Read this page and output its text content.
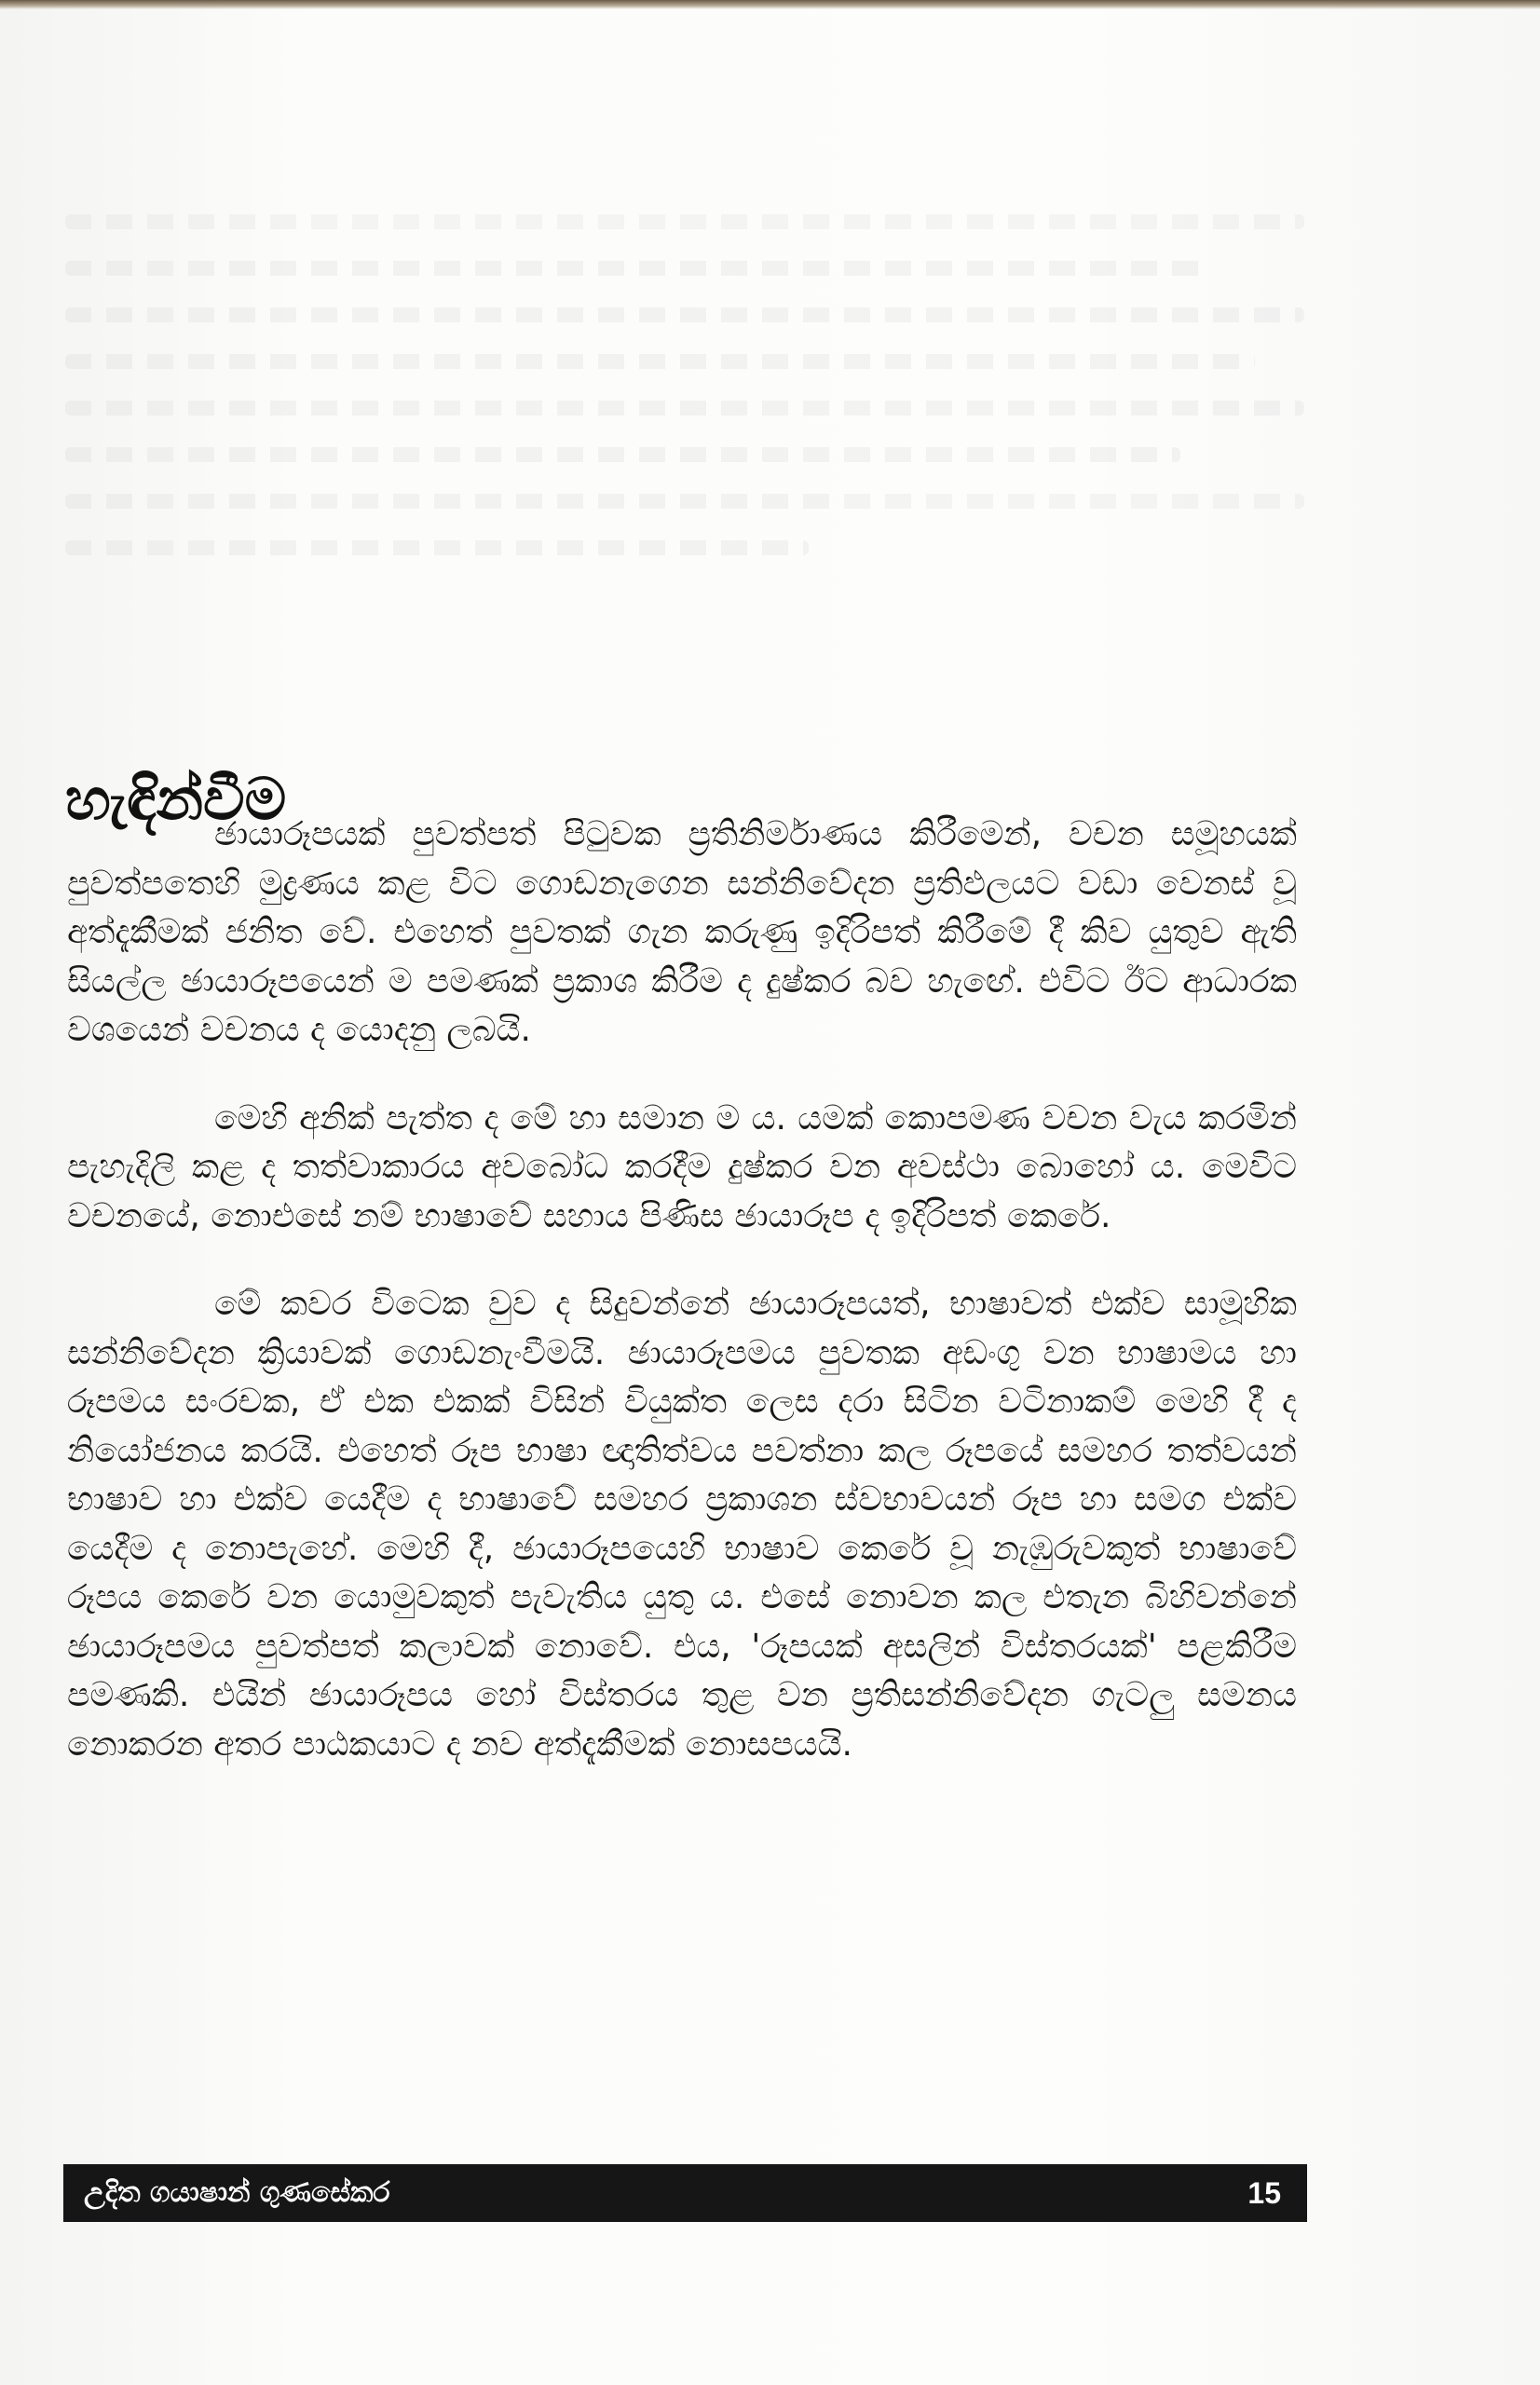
හැඳින්වීම

ඡායාරූපයක් පුවත්පත් පිටුවක ප්‍රතිනිර්මාණය කිරීමෙන්, වචන සමූහයක් පුවත්පතෙහි මුද්‍රණය කළ විට ගොඩනැගෙන සන්නිවේදන ප්‍රතිඵලයට වඩා වෙනස් වූ අත්දැකීමක් ජනිත වේ. එහෙත් පුවතක් ගැන කරුණු ඉදිරිපත් කිරීමේ දී කිව යුතුව ඇති සියල්ල ඡායාරූපයෙන් ම පමණක් ප්‍රකාශ කිරීම ද දුෂ්කර බව හැඟේ. එවිට ඊට ආධාරක වශයෙන් වචනය ද යොදනු ලබයි.

මෙහි අනික් පැත්ත ද මේ හා සමාන ම ය. යමක් කොපමණ වචන වැය කරමින් පැහැදිලි කළ ද තත්වාකාරය අවබෝධ කරදීම දුෂ්කර වන අවස්ථා බොහෝ ය. මෙවිට වචනයේ, නොඑසේ නම් භාෂාවේ සහාය පිණිස ඡායාරූප ද ඉදිරිපත් කෙරේ.

මේ කවර විටෙක වුව ද සිදුවන්නේ ඡායාරූපයත්, භාෂාවත් එක්ව සාමූහික සන්නිවේදන ක්‍රියාවක් ගොඩනැංවීමයි. ඡායාරූපමය පුවතක අඩංගු වන භාෂාමය හා රූපමය සංරචක, ඒ එක එකක් විසින් වියුක්ත ලෙස දරා සිටින වටිනාකම් මෙහි දී ද නියෝජනය කරයි. එහෙත් රූප භාෂා ඥාතිත්වය පවත්නා කල රූපයේ සමහර තත්වයන් භාෂාව හා එක්ව යෙදීම ද භාෂාවේ සමහර ප්‍රකාශන ස්වභාවයන් රූප හා සමග එක්ව යෙදීම ද නොපැහේ. මෙහි දී, ඡායාරූපයෙහි භාෂාව කෙරේ වූ නැඹුරුවකුත් භාෂාවේ රූපය කෙරේ වන යොමුවකුත් පැවැතිය යුතු ය. එසේ නොවන කල එතැන බිහිවන්නේ ඡායාරූපමය පුවත්පත් කලාවක් නොවේ. එය, 'රූපයක් අසලින් විස්තරයක්' පළකිරීම පමණකි. එයින් ඡායාරූපය හෝ විස්තරය තුළ වන ප්‍රතිසන්නිවේදන ගැටලු සමනය නොකරන අතර පාඨකයාට ද නව අත්දැකීමක් නොසපයයි.

උදිත ගයාෂාන් ගුණසේකර	15
